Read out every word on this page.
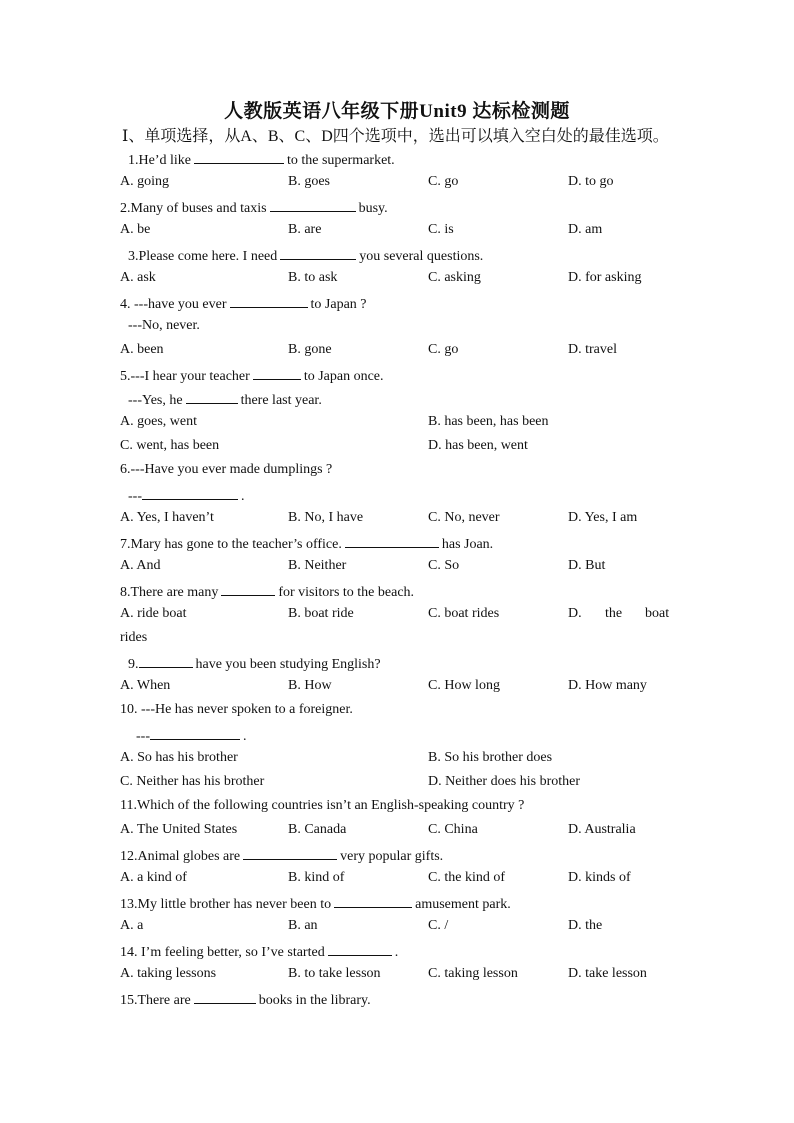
人教版英语八年级下册Unit9 达标检测题
Ⅰ、单项选择，从A、B、C、D四个选项中，选出可以填入空白处的最佳选项。
1.He’d like	to the supermarket.
A. going	B. goes	C. go	D. to go
2.Many of buses and taxis	busy.
A. be	B. are	C. is	D. am
3.Please come here. I need	you several questions.
A. ask	B. to ask	C. asking	D. for asking
4. ---have you ever	to Japan ?
---No, never.
A. been	B. gone	C. go	D. travel
5.---I hear your teacher	to Japan once.
---Yes, he	there last year.
A. goes, went	B. has been, has been
C. went, has been	D. has been, went
6.---Have you ever made dumplings ?
---	.
A. Yes, I haven’t	B. No, I have	C. No, never	D. Yes, I am
7.Mary has gone to the teacher’s office.	has Joan.
A. And	B. Neither	C. So	D. But
8.There are many	for visitors to the beach.
A. ride boat	B. boat ride	C. boat rides	D. the boat
rides
9.	have you been studying English?
A. When	B. How	C. How long	D. How many
10. ---He has never spoken to a foreigner.
---	.
A. So has his brother	B. So his brother does
C. Neither has his brother	D. Neither does his brother
11.Which of the following countries isn’t an English-speaking country ?
A. The United States	B. Canada	C. China	D. Australia
12.Animal globes are	very popular gifts.
A. a kind of	B. kind of	C. the kind of	D. kinds of
13.My little brother has never been to	amusement park.
A. a	B. an	C. /	D. the
14. I’m feeling better, so I’ve started	.
A. taking lessons	B. to take lesson	C. taking lesson	D. take lesson
15.There are	books in the library.
